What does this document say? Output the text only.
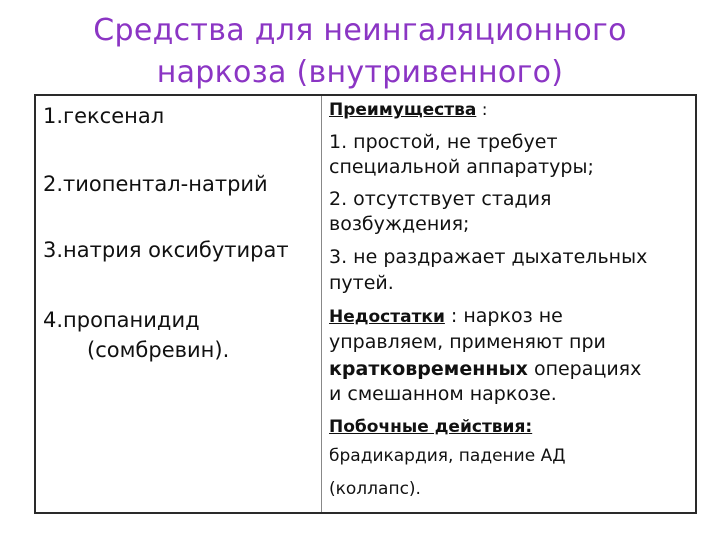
Средства для неингаляционного
наркоза (внутривенного)
1.гексенал
2.тиопентал-натрий
3.натрия оксибутират
4.пропанидид
(сомбревин).
Преимущества :
1. простой, не требует
специальной аппаратуры;
2. отсутствует стадия
возбуждения;
3. не раздражает дыхательных
путей.
Недостатки : наркоз не
управляем, применяют при
кратковременных операциях
и смешанном наркозе.
Побочные действия:
брадикардия, падение АД
(коллапс).
